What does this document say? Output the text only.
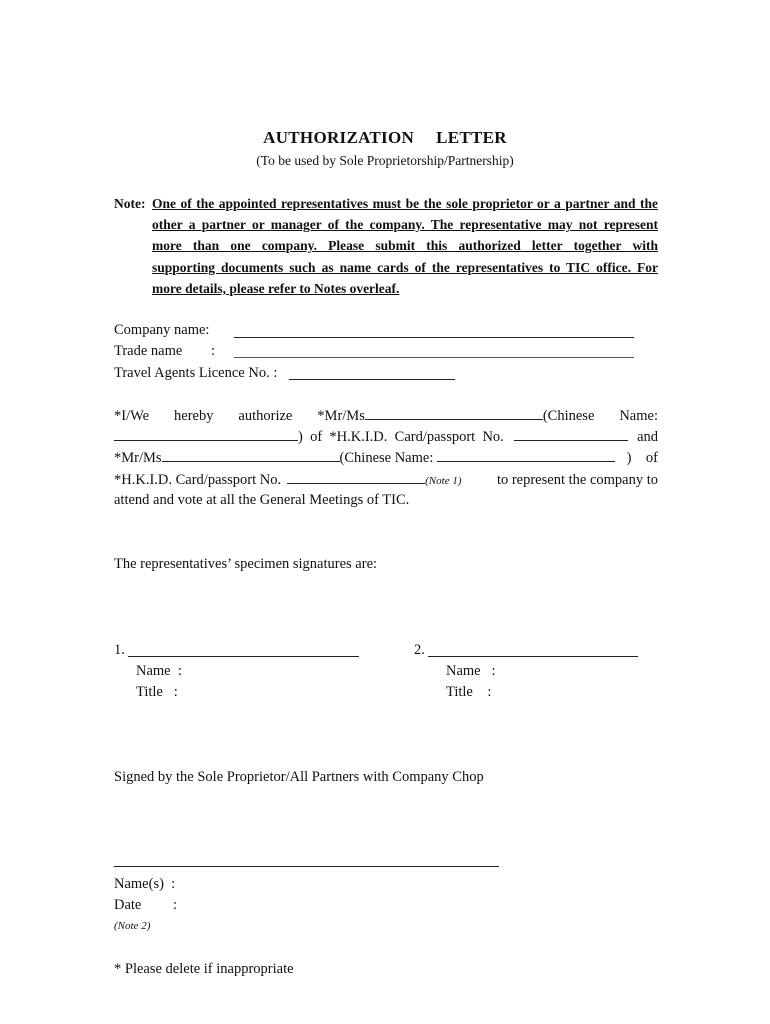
AUTHORIZATION LETTER
(To be used by Sole Proprietorship/Partnership)
Note: One of the appointed representatives must be the sole proprietor or a partner and the
other a partner or manager of the company. The representative may not represent
more than one company. Please submit this authorized letter together with
supporting documents such as name cards of the representatives to TIC office. For
more details, please refer to Notes overleaf.
Company name:
Trade name :
Travel Agents Licence No. :
*I/We hereby authorize *Mr/Ms	(Chinese Name:
)  of  *H.K.I.D.  Card/passport  No.	and
*Mr/Ms	(Chinese Name:	)    of
*H.K.I.D. Card/passport No.	(Note 1) to represent the company to
attend and vote at all the General Meetings of TIC.
The representatives’ specimen signatures are:
1.
Name  :
Title   :
2.
Name   :
Title    :
Signed by the Sole Proprietor/All Partners with Company Chop
Name(s)  :
Date :
(Note 2)
* Please delete if inappropriate
